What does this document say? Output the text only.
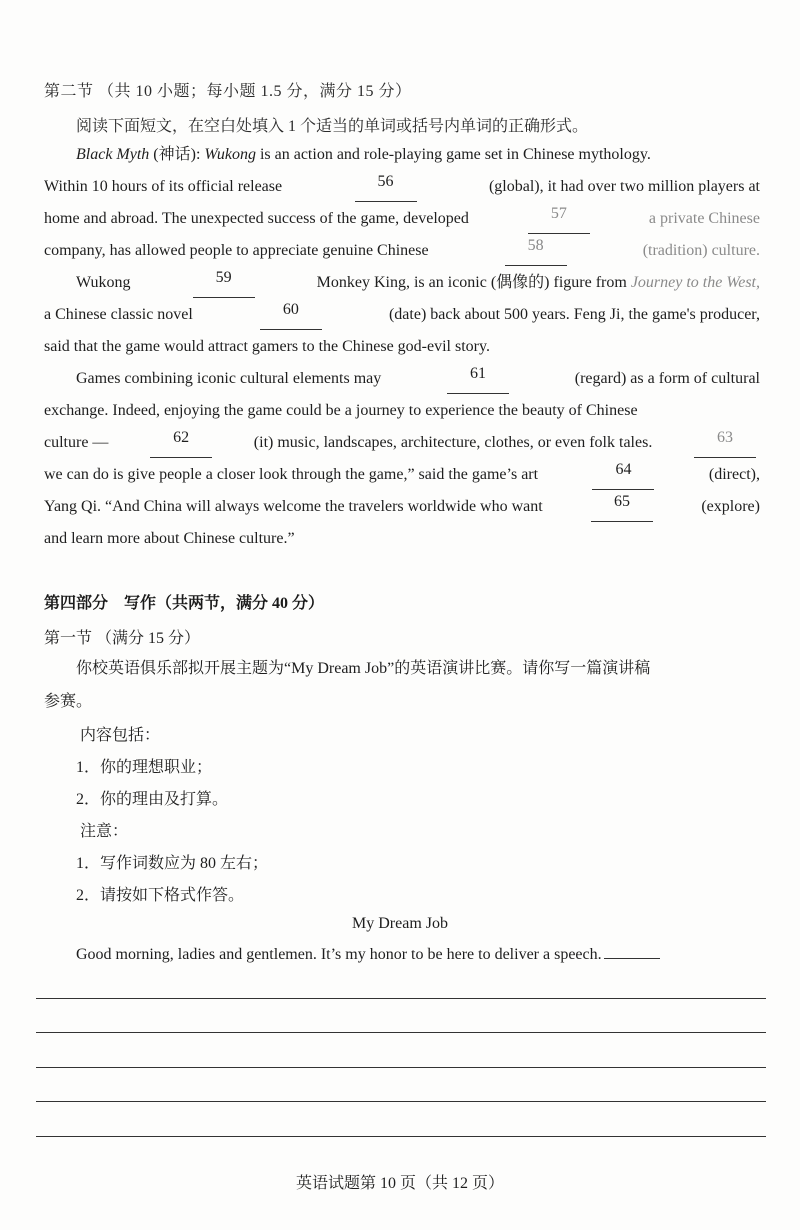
第二节 （共 10 小题；每小题 1.5 分，满分 15 分）
阅读下面短文，在空白处填入 1 个适当的单词或括号内单词的正确形式。
Black Myth (神话): Wukong is an action and role-playing game set in Chinese mythology.
Within 10 hours of its official release	56	(global), it had over two million players at
home and abroad. The unexpected success of the game, developed	57	a private Chinese
company, has allowed people to appreciate genuine Chinese	58	(tradition) culture.
Wukong	59	Monkey King, is an iconic (偶像的) figure from Journey to the West,
a Chinese classic novel	60	(date) back about 500 years. Feng Ji, the game's producer,
said that the game would attract gamers to the Chinese god-evil story.
Games combining iconic cultural elements may	61	(regard) as a form of cultural
exchange. Indeed, enjoying the game could be a journey to experience the beauty of Chinese
culture —	62	(it) music, landscapes, architecture, clothes, or even folk tales.	63
we can do is give people a closer look through the game,” said the game’s art	64	(direct),
Yang Qi. “And China will always welcome the travelers worldwide who want	65	(explore)
and learn more about Chinese culture.”
第四部分　写作（共两节，满分 40 分）
第一节 （满分 15 分）
你校英语俱乐部拟开展主题为“My Dream Job”的英语演讲比赛。请你写一篇演讲稿
参赛。
内容包括：
1．你的理想职业；
2．你的理由及打算。
注意：
1．写作词数应为 80 左右；
2．请按如下格式作答。
My Dream Job
Good morning, ladies and gentlemen. It’s my honor to be here to deliver a speech.
英语试题第 10 页（共 12 页）
